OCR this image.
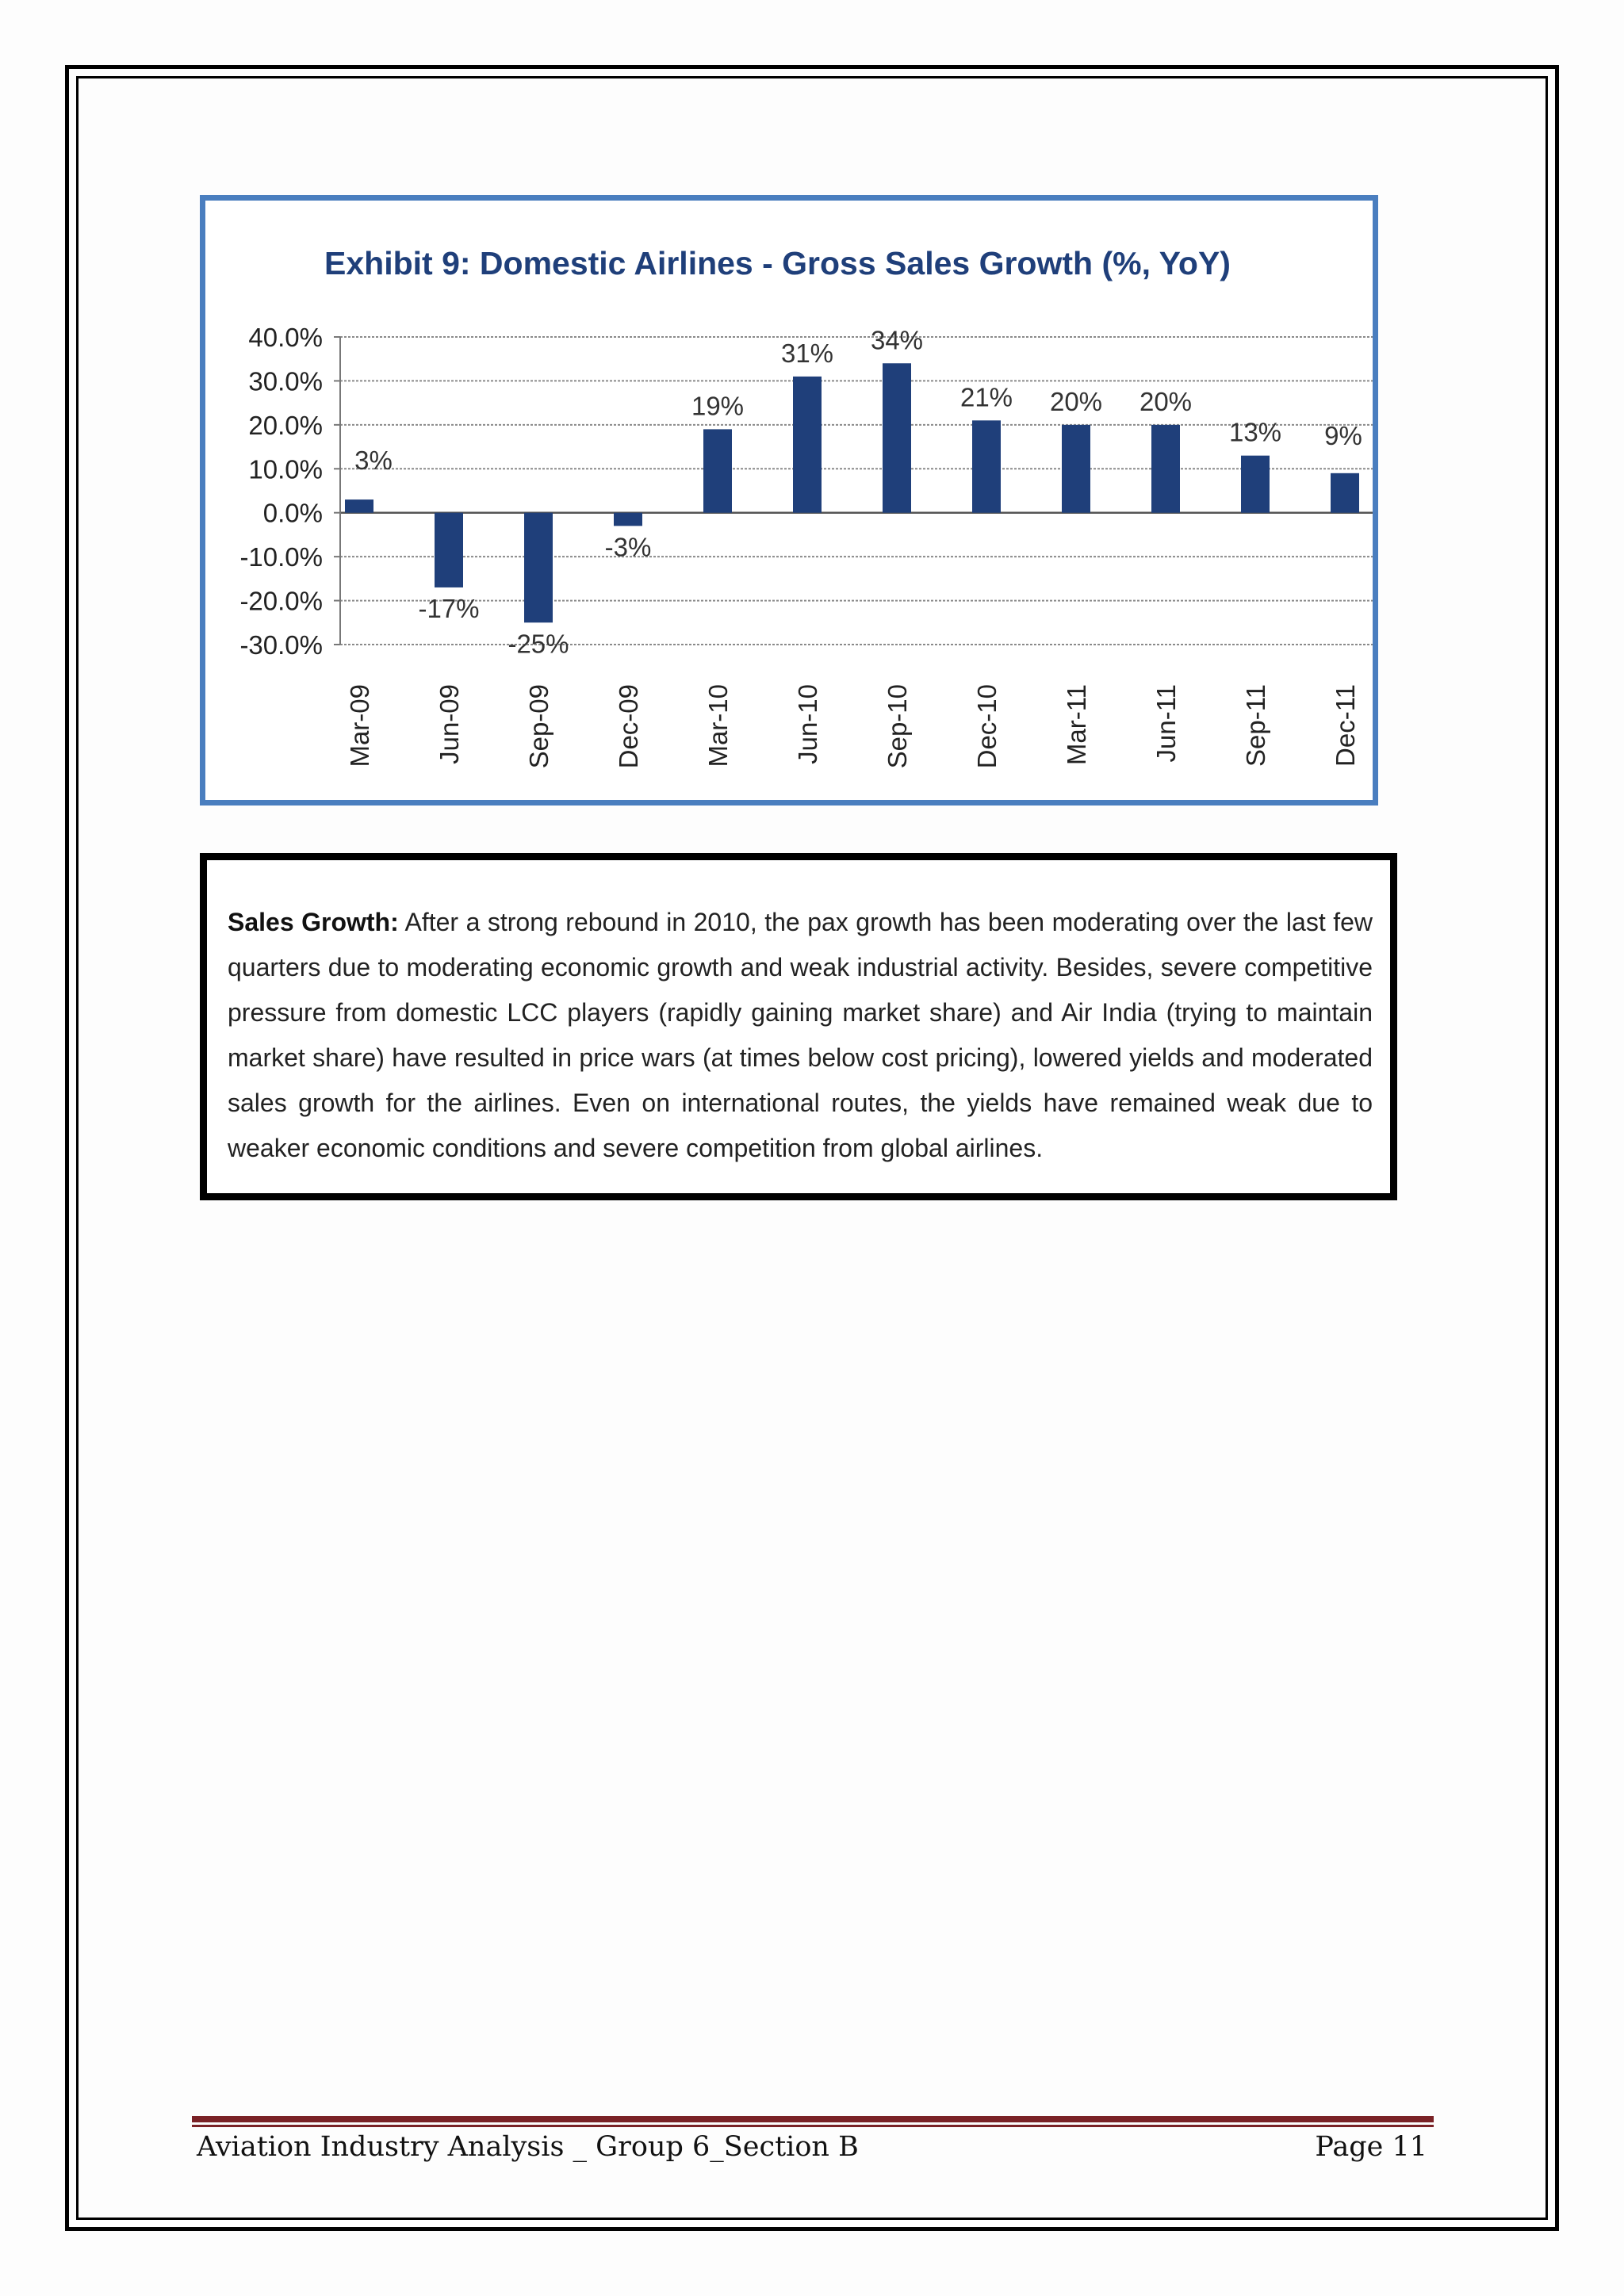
Exhibit 9: Domestic Airlines - Gross Sales Growth (%, YoY)
40.0%
30.0%
20.0%
10.0%
0.0%
-10.0%
-20.0%
-30.0%
3%
-17%
-25%
-3%
19%
31% 34%
21% 20% 20%
13% 9%
Mar-09 Jun-09 Sep-09 Dec-09 Mar-10 Jun-10 Sep-10 Dec-10 Mar-11 Jun-11 Sep-11 Dec-11

Sales Growth: After a strong rebound in 2010, the pax growth has been moderating over the last few quarters due to moderating economic growth and weak industrial activity. Besides, severe competitive pressure from domestic LCC players (rapidly gaining market share) and Air India (trying to maintain market share) have resulted in price wars (at times below cost pricing), lowered yields and moderated sales growth for the airlines. Even on international routes, the yields have remained weak due to weaker economic conditions and severe competition from global airlines.

Aviation Industry Analysis _ Group 6_Section B	Page 11
